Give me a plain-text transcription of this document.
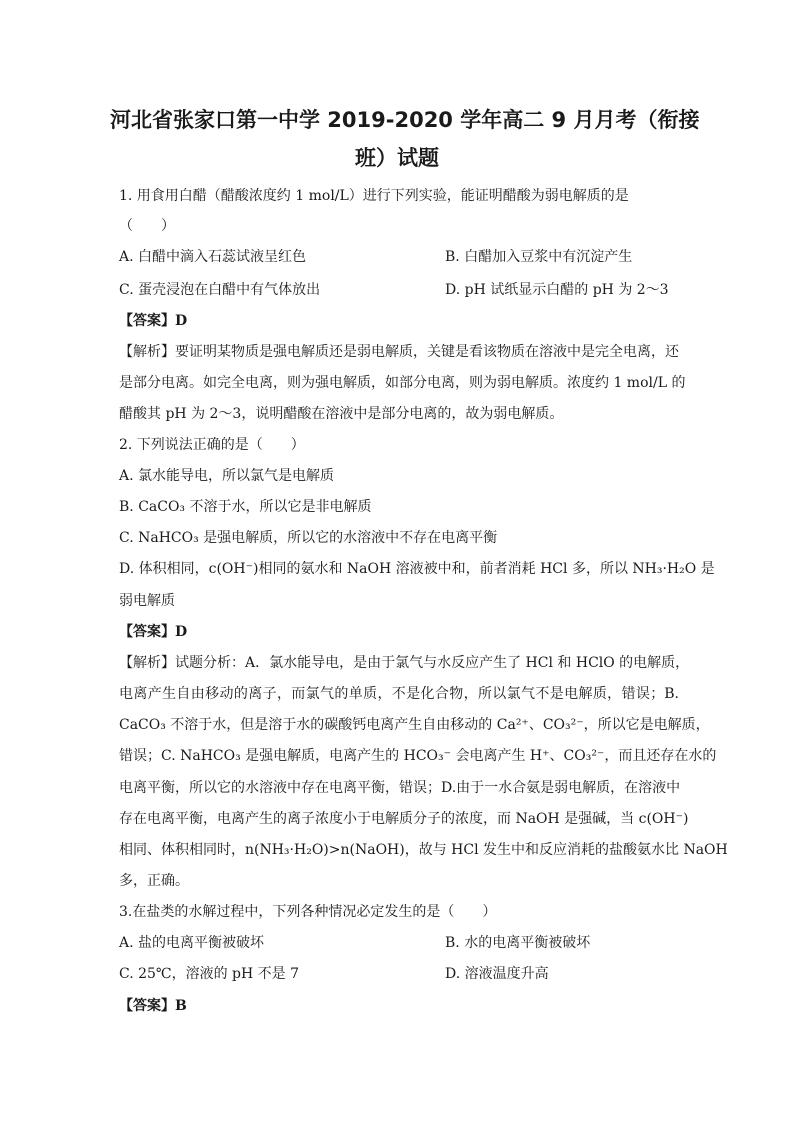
河北省张家口第一中学 2019-2020 学年高二 9 月月考（衔接
班）试题
1. 用食用白醋（醋酸浓度约 1 mol/L）进行下列实验，能证明醋酸为弱电解质的是
（　　）
A. 白醋中滴入石蕊试液呈红色	B. 白醋加入豆浆中有沉淀产生
C. 蛋壳浸泡在白醋中有气体放出	D. pH 试纸显示白醋的 pH 为 2～3
【答案】D
【解析】要证明某物质是强电解质还是弱电解质，关键是看该物质在溶液中是完全电离，还
是部分电离。如完全电离，则为强电解质，如部分电离，则为弱电解质。浓度约 1 mol/L 的
醋酸其 pH 为 2～3，说明醋酸在溶液中是部分电离的，故为弱电解质。
2. 下列说法正确的是（　　）
A. 氯水能导电，所以氯气是电解质
B. CaCO₃ 不溶于水，所以它是非电解质
C. NaHCO₃ 是强电解质，所以它的水溶液中不存在电离平衡
D. 体积相同，c(OH⁻)相同的氨水和 NaOH 溶液被中和，前者消耗 HCl 多，所以 NH₃·H₂O 是
弱电解质
【答案】D
【解析】试题分析：A．氯水能导电，是由于氯气与水反应产生了 HCl 和 HClO 的电解质，
电离产生自由移动的离子，而氯气的单质，不是化合物，所以氯气不是电解质，错误；B.
CaCO₃ 不溶于水，但是溶于水的碳酸钙电离产生自由移动的 Ca²⁺、CO₃²⁻，所以它是电解质，
错误；C. NaHCO₃ 是强电解质，电离产生的 HCO₃⁻ 会电离产生 H⁺、CO₃²⁻，而且还存在水的
电离平衡，所以它的水溶液中存在电离平衡，错误；D.由于一水合氨是弱电解质，在溶液中
存在电离平衡，电离产生的离子浓度小于电解质分子的浓度，而 NaOH 是强碱，当 c(OH⁻)
相同、体积相同时，n(NH₃·H₂O)>n(NaOH)，故与 HCl 发生中和反应消耗的盐酸氨水比 NaOH
多，正确。
3.在盐类的水解过程中，下列各种情况必定发生的是（　　）
A. 盐的电离平衡被破坏	B. 水的电离平衡被破坏
C. 25℃，溶液的 pH 不是 7	D. 溶液温度升高
【答案】B
